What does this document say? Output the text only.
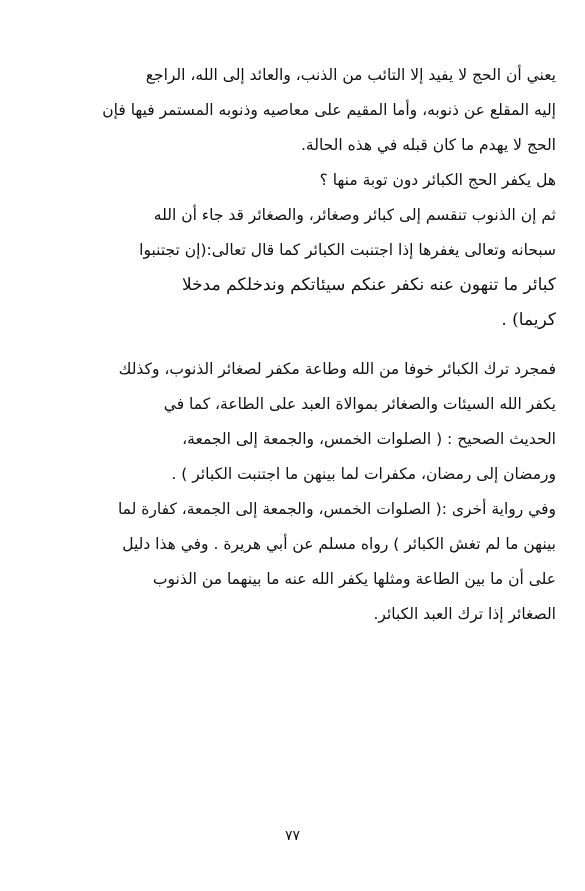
يعني أن الحج لا يفيد إلا التائب من الذنب، والعائد إلى الله، الراجع
إليه المقلع عن ذنوبه، وأما المقيم على معاصيه وذنوبه المستمر فيها فإن
الحج لا يهدم ما كان قبله في هذه الحالة.
هل يكفر الحج الكبائر دون توبة منها ؟
ثم إن الذنوب تنقسم إلى كبائر وصغائر، والصغائر قد جاء أن الله
سبحانه وتعالى يغفرها إذا اجتنبت الكبائر كما قال تعالى:(إن تجتنبوا
كبائر ما تنهون عنه نكفر عنكم سيئاتكم وندخلكم مدخلا
كريما) .
فمجرد ترك الكبائر خوفا من الله وطاعة مكفر لصغائر الذنوب، وكذلك
يكفر الله السيئات والصغائر بموالاة العبد على الطاعة، كما في
الحديث الصحيح : ( الصلوات الخمس، والجمعة إلى الجمعة،
ورمضان إلى رمضان، مكفرات لما بينهن ما اجتنبت الكبائر ) .
وفي رواية أخرى :( الصلوات الخمس، والجمعة إلى الجمعة، كفارة لما
بينهن ما لم تغش الكبائر ) رواه مسلم عن أبي هريرة . وفي هذا دليل
على أن ما بين الطاعة ومثلها يكفر الله عنه ما بينهما من الذنوب
الصغائر إذا ترك العبد الكبائر.
٧٧
